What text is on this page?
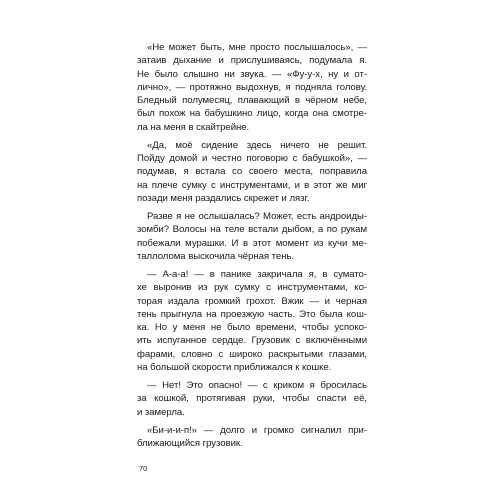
«Не может быть, мне просто послышалось», —
затаив дыхание и прислушиваясь, подумала я.
Не было слышно ни звука. — «Фу-у-х, ну и от-
лично», — протяжно выдохнув, я подняла голову.
Бледный полумесяц, плавающий в чёрном небе,
был похож на бабушкино лицо, когда она смотре-
ла на меня в скайтрейне.
«Да, моё сидение здесь ничего не решит.
Пойду домой и честно поговорю с бабушкой», —
подумав, я встала со своего места, поправила
на плече сумку с инструментами, и в этот же миг
позади меня раздались скрежет и лязг.
Разве я не ослышалась? Может, есть андроиды-
зомби? Волосы на теле встали дыбом, а по рукам
побежали мурашки. И в этот момент из кучи ме-
таллолома выскочила чёрная тень.
— А-а-а! — в панике закричала я, в сумато-
хе выронив из рук сумку с инструментами, ко-
торая издала громкий грохот. Вжик — и черная
тень прыгнула на проезжую часть. Это была кош-
ка. Но у меня не было времени, чтобы успоко-
ить испуганное сердце. Грузовик с включёнными
фарами, словно с широко раскрытыми глазами,
на большой скорости приближался к кошке.
— Нет! Это опасно! — с криком я бросилась
за кошкой, протягивая руки, чтобы спасти её,
и замерла.
«Би-и-и-п!» — долго и громко сигналил при-
ближающийся грузовик.
70
